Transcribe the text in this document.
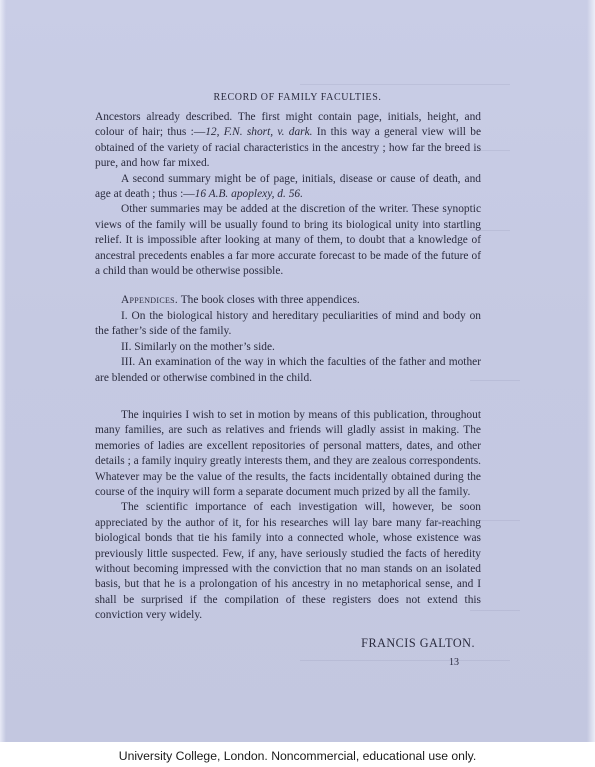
RECORD OF FAMILY FACULTIES.

Ancestors already described. The first might contain page, initials, height, and colour of hair; thus :—12, F.N. short, v. dark. In this way a general view will be obtained of the variety of racial characteristics in the ancestry ; how far the breed is pure, and how far mixed.

A second summary might be of page, initials, disease or cause of death, and age at death ; thus :—16 A.B. apoplexy, d. 56.

Other summaries may be added at the discretion of the writer. These synoptic views of the family will be usually found to bring its biological unity into startling relief. It is impossible after looking at many of them, to doubt that a knowledge of ancestral precedents enables a far more accurate forecast to be made of the future of a child than would be otherwise possible.

Appendices. The book closes with three appendices.

I. On the biological history and hereditary peculiarities of mind and body on the father’s side of the family.

II. Similarly on the mother’s side.

III. An examination of the way in which the faculties of the father and mother are blended or otherwise combined in the child.

The inquiries I wish to set in motion by means of this publication, throughout many families, are such as relatives and friends will gladly assist in making. The memories of ladies are excellent repositories of personal matters, dates, and other details ; a family inquiry greatly interests them, and they are zealous correspondents. Whatever may be the value of the results, the facts incidentally obtained during the course of the inquiry will form a separate document much prized by all the family.

The scientific importance of each investigation will, however, be soon appreciated by the author of it, for his researches will lay bare many far-reaching biological bonds that tie his family into a connected whole, whose existence was previously little suspected. Few, if any, have seriously studied the facts of heredity without becoming impressed with the conviction that no man stands on an isolated basis, but that he is a prolongation of his ancestry in no metaphorical sense, and I shall be surprised if the compilation of these registers does not extend this conviction very widely.

FRANCIS GALTON.

13

University College, London. Noncommercial, educational use only.
